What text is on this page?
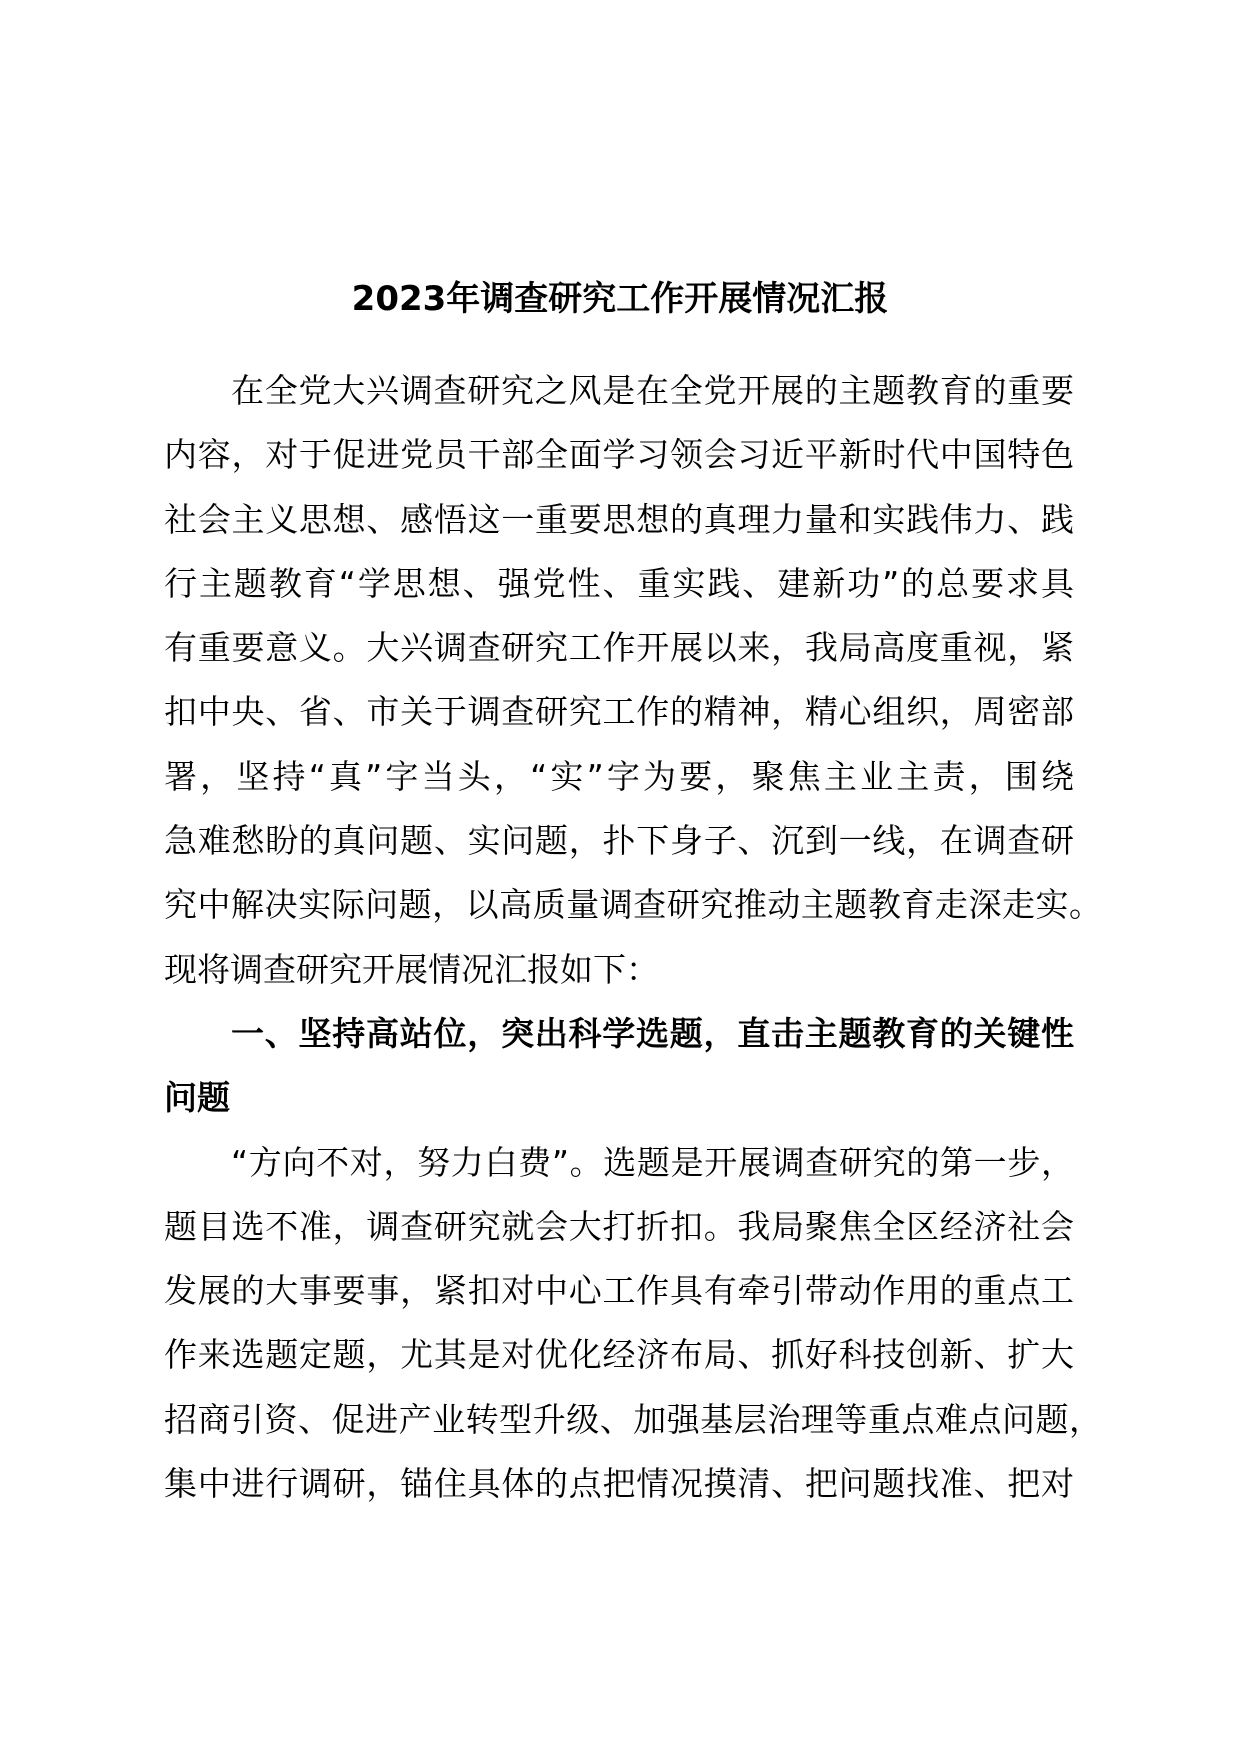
2023年调查研究工作开展情况汇报
在全党大兴调查研究之风是在全党开展的主题教育的重要
内容，对于促进党员干部全面学习领会习近平新时代中国特色
社会主义思想、感悟这一重要思想的真理力量和实践伟力、践
行主题教育“学思想、强党性、重实践、建新功”的总要求具
有重要意义。大兴调查研究工作开展以来，我局高度重视，紧
扣中央、省、市关于调查研究工作的精神，精心组织，周密部
署，坚持“真”字当头，“实”字为要，聚焦主业主责，围绕
急难愁盼的真问题、实问题，扑下身子、沉到一线，在调查研
究中解决实际问题，以高质量调查研究推动主题教育走深走实。
现将调查研究开展情况汇报如下：
一、坚持高站位，突出科学选题，直击主题教育的关键性
问题
“方向不对，努力白费”。选题是开展调查研究的第一步，
题目选不准，调查研究就会大打折扣。我局聚焦全区经济社会
发展的大事要事，紧扣对中心工作具有牵引带动作用的重点工
作来选题定题，尤其是对优化经济布局、抓好科技创新、扩大
招商引资、促进产业转型升级、加强基层治理等重点难点问题，
集中进行调研，锚住具体的点把情况摸清、把问题找准、把对
